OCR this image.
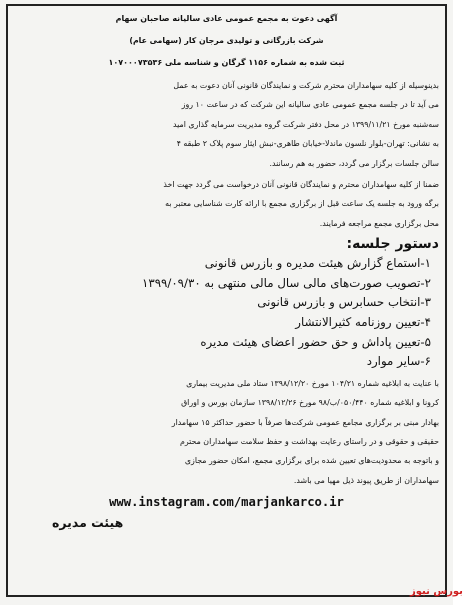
آگهی دعوت به مجمع عمومی عادی سالیانه صاحبان سهام

شرکت بازرگانی و تولیدی مرجان کار (سهامی عام)

ثبت شده به شماره ۱۱۵۶ گرگان و شناسه ملی ۱۰۷۰۰۰۷۳۵۳۶

بدینوسیله از کلیه سهامداران محترم شرکت و نمایندگان قانونی آنان دعوت به عمل
می آید تا در جلسه مجمع عمومی عادی سالیانه این شرکت که در ساعت ۱۰ روز
سه‌شنبه مورخ ۱۳۹۹/۱۱/۲۱ در محل دفتر شرکت گروه مدیریت سرمایه گذاری امید
به نشانی: تهران-بلوار نلسون ماندلا-خیابان طاهری-نبش ایثار سوم پلاک ۲ طبقه ۴
سالن جلسات برگزار می گردد، حضور به هم رسانند.

ضمنا از کلیه سهامداران محترم و نمایندگان قانونی آنان درخواست می گردد جهت اخذ
برگه ورود به جلسه یک ساعت قبل از برگزاری مجمع با ارائه کارت شناسایی معتبر به
محل برگزاری مجمع مراجعه فرمایند.

دستور جلسه:

۱-استماع گزارش هیئت مدیره و بازرس قانونی
۲-تصویب صورت‌های مالی سال مالی منتهی به ۱۳۹۹/۰۹/۳۰
۳-انتخاب حسابرس و بازرس قانونی
۴-تعیین روزنامه کثیرالانتشار
۵-تعیین پاداش و حق حضور اعضای هیئت مدیره
۶-سایر موارد

با عنایت به ابلاغیه شماره ۱۰۴/۲۱ مورخ ۱۳۹۸/۱۲/۲۰ ستاد ملی مدیریت بیماری
کرونا و ابلاغیه شماره ۰۵۰/۴۴۰/ب/۹۸ مورخ ۱۳۹۸/۱۲/۲۶ سازمان بورس و اوراق
بهادار مبنی بر برگزاری مجامع عمومی شرکت‌ها صرفاً با حضور حداکثر ۱۵ سهامدار
حقیقی و حقوقی و در راستای رعایت بهداشت و حفظ سلامت سهامداران محترم
و باتوجه به محدودیت‌های تعیین شده برای برگزاری مجمع، امکان حضور مجازی
سهامداران از طریق پیوند ذیل مهیا می باشد.

www.instagram.com/marjankarco.ir

هیئت مدیره

بورس نیوز
